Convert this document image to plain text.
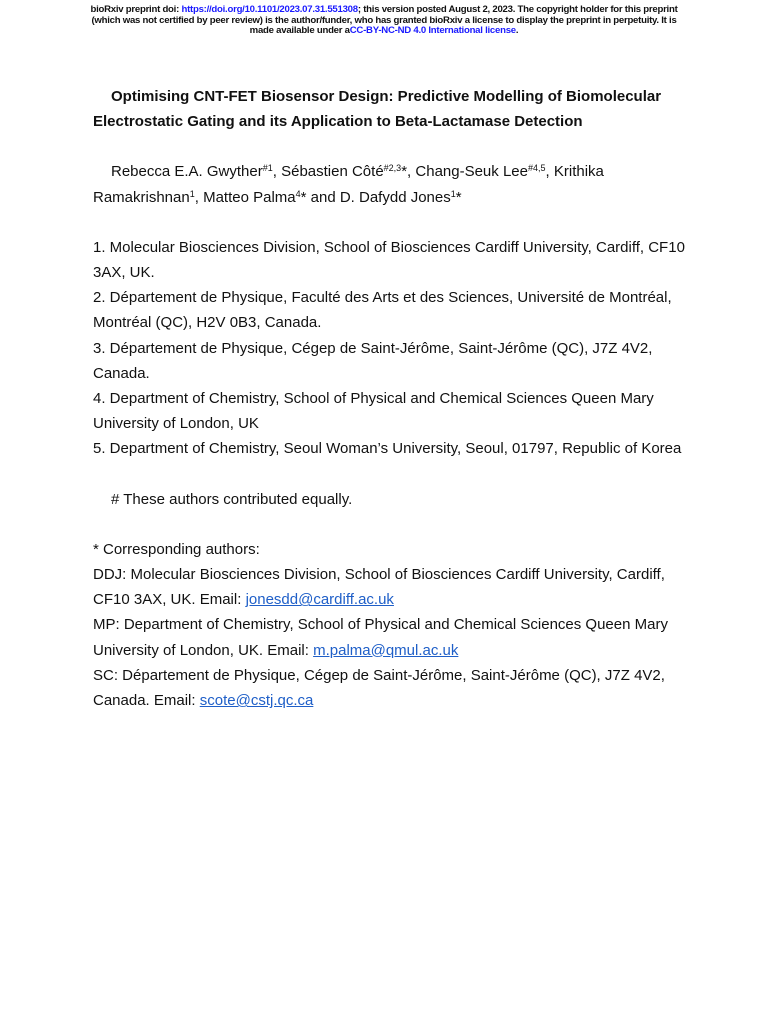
bioRxiv preprint doi: https://doi.org/10.1101/2023.07.31.551308; this version posted August 2, 2023. The copyright holder for this preprint
(which was not certified by peer review) is the author/funder, who has granted bioRxiv a license to display the preprint in perpetuity. It is
made available under aCC-BY-NC-ND 4.0 International license.

Optimising CNT-FET Biosensor Design: Predictive Modelling of Biomolecular Electrostatic Gating and its Application to Beta-Lactamase Detection

Rebecca E.A. Gwyther$^{\#1}$, Sébastien Côté$^{\#2,3}$*, Chang-Seuk Lee$^{\#4,5}$, Krithika Ramakrishnan$^1$, Matteo Palma$^4$* and D. Dafydd Jones$^1$*

1. Molecular Biosciences Division, School of Biosciences Cardiff University, Cardiff, CF10 3AX, UK.

2. Département de Physique, Faculté des Arts et des Sciences, Université de Montréal, Montréal (QC), H2V 0B3, Canada.

3. Département de Physique, Cégep de Saint-Jérôme, Saint-Jérôme (QC), J7Z 4V2, Canada.

4. Department of Chemistry, School of Physical and Chemical Sciences Queen Mary University of London, UK

5. Department of Chemistry, Seoul Woman’s University, Seoul, 01797, Republic of Korea

# These authors contributed equally.

* Corresponding authors:

DDJ: Molecular Biosciences Division, School of Biosciences Cardiff University, Cardiff, CF10 3AX, UK. Email: jonesdd@cardiff.ac.uk

MP: Department of Chemistry, School of Physical and Chemical Sciences Queen Mary University of London, UK. Email: m.palma@qmul.ac.uk

SC: Département de Physique, Cégep de Saint-Jérôme, Saint-Jérôme (QC), J7Z 4V2, Canada. Email: scote@cstj.qc.ca
